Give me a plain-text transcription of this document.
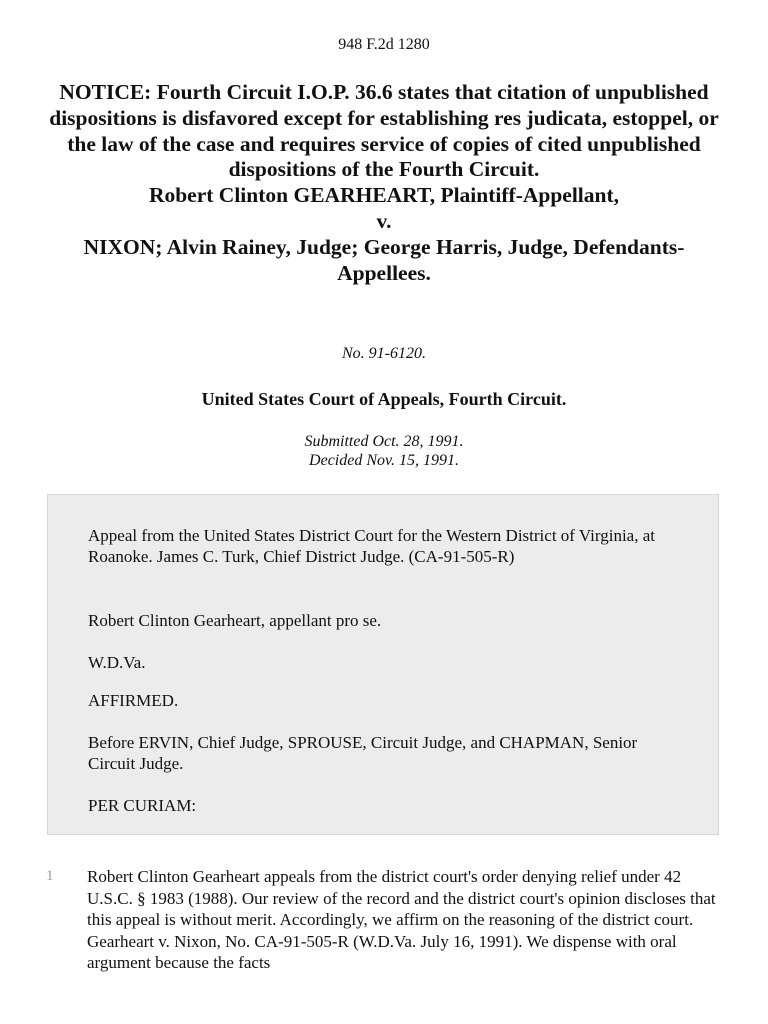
948 F.2d 1280
NOTICE: Fourth Circuit I.O.P. 36.6 states that citation of unpublished dispositions is disfavored except for establishing res judicata, estoppel, or the law of the case and requires service of copies of cited unpublished dispositions of the Fourth Circuit.
Robert Clinton GEARHEART, Plaintiff-Appellant,
v.
NIXON; Alvin Rainey, Judge; George Harris, Judge, Defendants-Appellees.
No. 91-6120.
United States Court of Appeals, Fourth Circuit.
Submitted Oct. 28, 1991.
Decided Nov. 15, 1991.

Appeal from the United States District Court for the Western District of Virginia, at Roanoke. James C. Turk, Chief District Judge. (CA-91-505-R)

Robert Clinton Gearheart, appellant pro se.

W.D.Va.

AFFIRMED.

Before ERVIN, Chief Judge, SPROUSE, Circuit Judge, and CHAPMAN, Senior Circuit Judge.

PER CURIAM:

1 Robert Clinton Gearheart appeals from the district court's order denying relief under 42 U.S.C. § 1983 (1988). Our review of the record and the district court's opinion discloses that this appeal is without merit. Accordingly, we affirm on the reasoning of the district court. Gearheart v. Nixon, No. CA-91-505-R (W.D.Va. July 16, 1991). We dispense with oral argument because the facts
